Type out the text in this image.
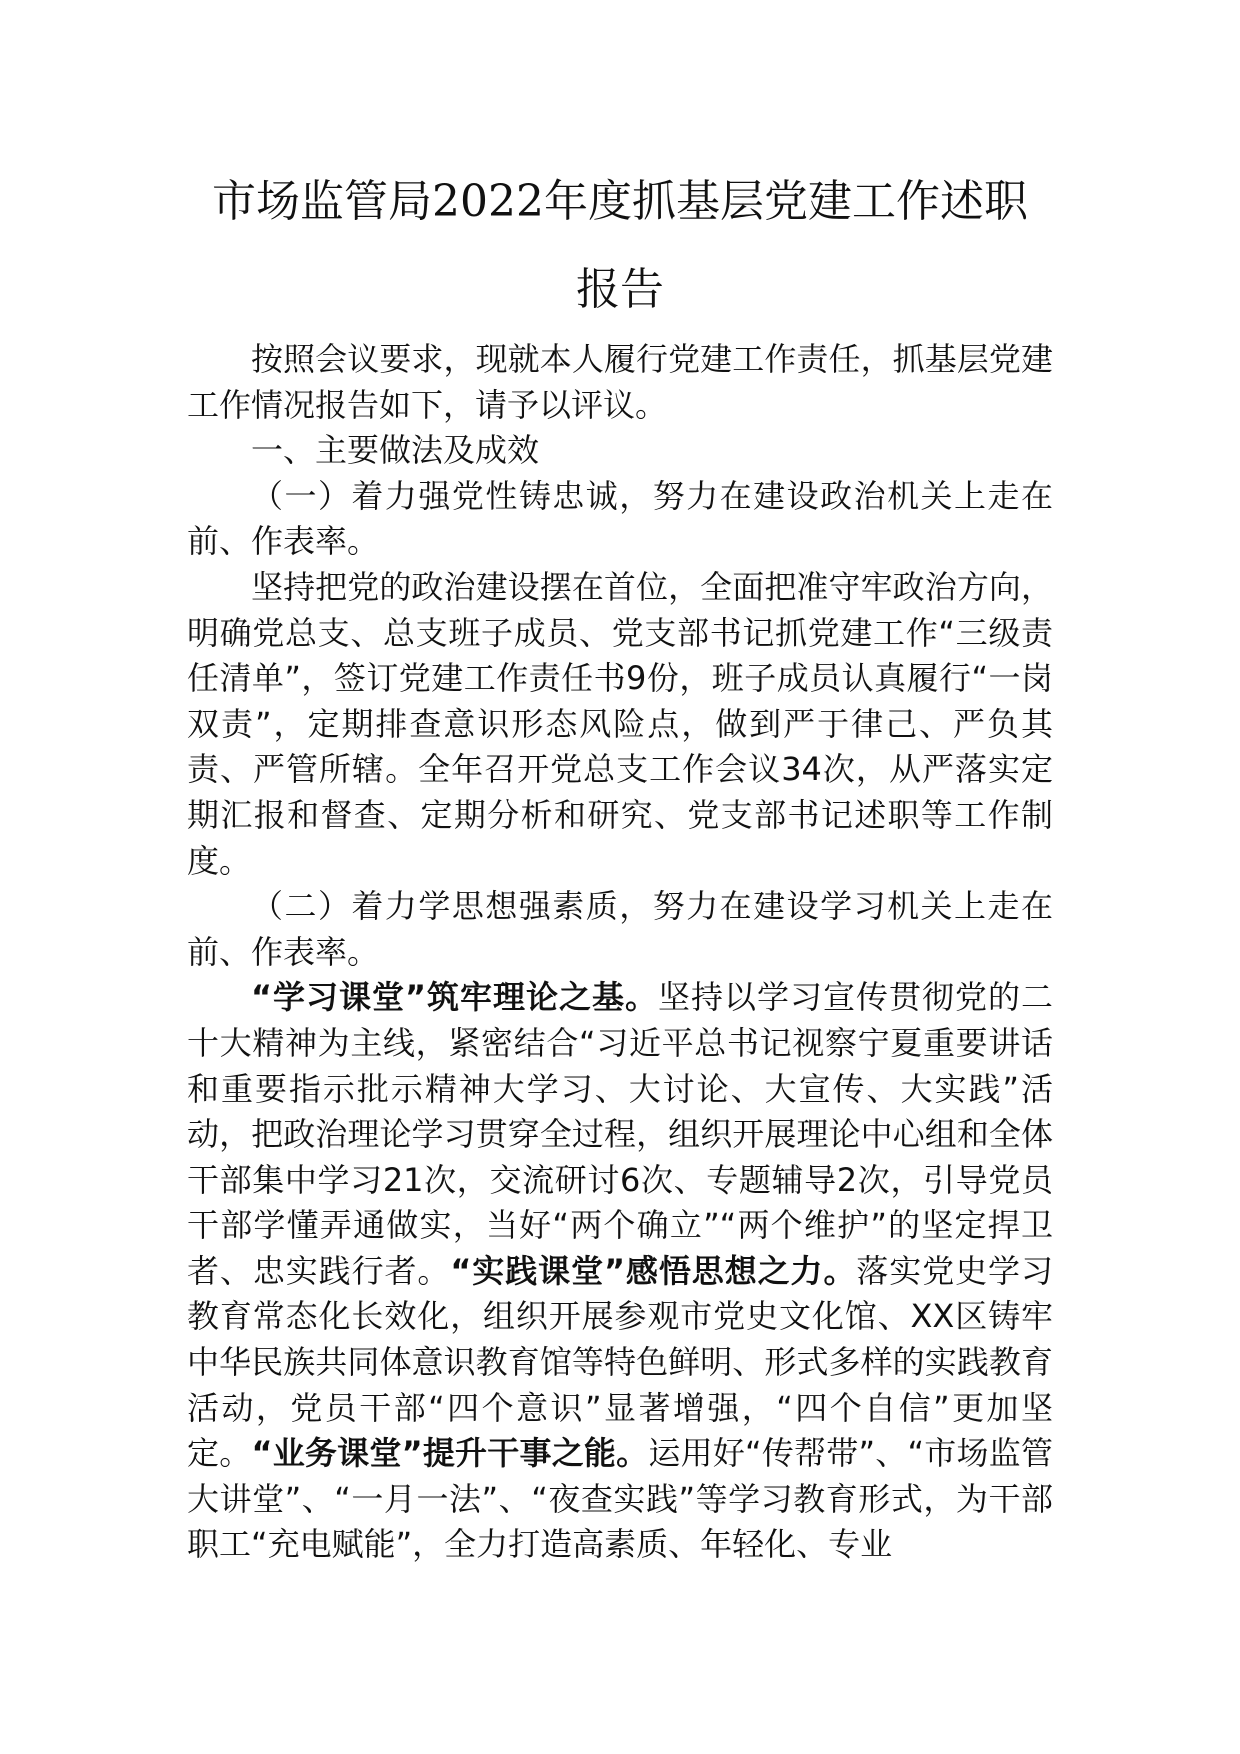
市场监管局2022年度抓基层党建工作述职
报告

按照会议要求，现就本人履行党建工作责任，抓基层党建工作情况报告如下，请予以评议。

一、主要做法及成效

（一）着力强党性铸忠诚，努力在建设政治机关上走在前、作表率。

坚持把党的政治建设摆在首位，全面把准守牢政治方向，明确党总支、总支班子成员、党支部书记抓党建工作“三级责任清单”，签订党建工作责任书9份，班子成员认真履行“一岗双责”，定期排查意识形态风险点，做到严于律己、严负其责、严管所辖。全年召开党总支工作会议34次，从严落实定期汇报和督查、定期分析和研究、党支部书记述职等工作制度。

（二）着力学思想强素质，努力在建设学习机关上走在前、作表率。

“学习课堂”筑牢理论之基。坚持以学习宣传贯彻党的二十大精神为主线，紧密结合“习近平总书记视察宁夏重要讲话和重要指示批示精神大学习、大讨论、大宣传、大实践”活动，把政治理论学习贯穿全过程，组织开展理论中心组和全体干部集中学习21次，交流研讨6次、专题辅导2次，引导党员干部学懂弄通做实，当好“两个确立”“两个维护”的坚定捍卫者、忠实践行者。“实践课堂”感悟思想之力。落实党史学习教育常态化长效化，组织开展参观市党史文化馆、XX区铸牢中华民族共同体意识教育馆等特色鲜明、形式多样的实践教育活动，党员干部“四个意识”显著增强，“四个自信”更加坚定。“业务课堂”提升干事之能。运用好“传帮带”、“市场监管大讲堂”、“一月一法”、“夜查实践”等学习教育形式，为干部职工“充电赋能”，全力打造高素质、年轻化、专业
